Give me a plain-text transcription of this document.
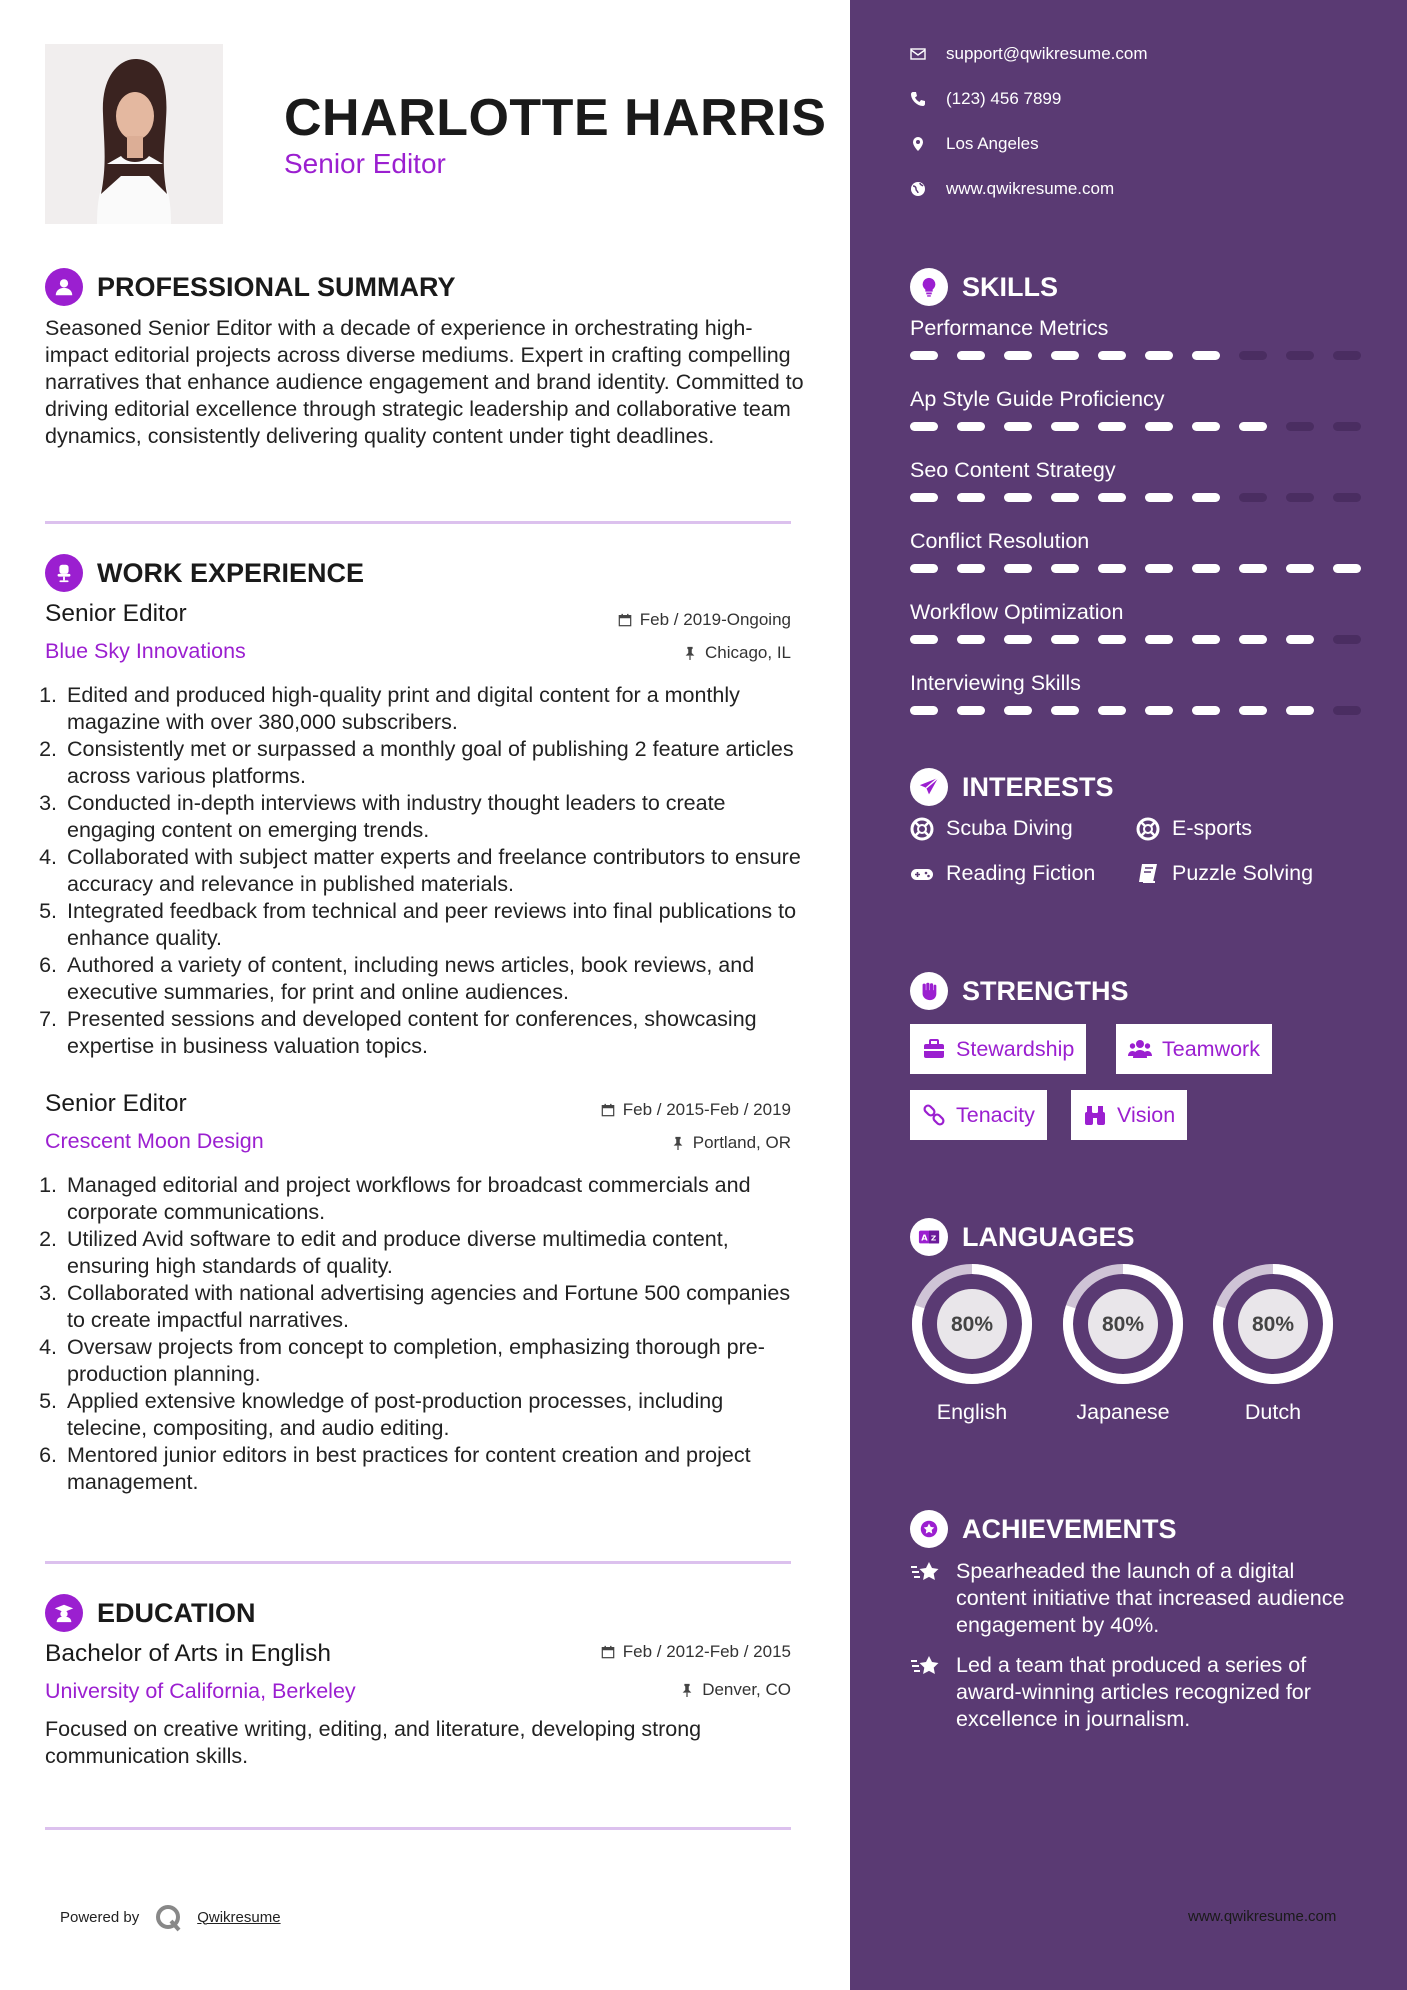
CHARLOTTE HARRIS
Senior Editor
PROFESSIONAL SUMMARY
Seasoned Senior Editor with a decade of experience in orchestrating high-impact editorial projects across diverse mediums. Expert in crafting compelling narratives that enhance audience engagement and brand identity. Committed to driving editorial excellence through strategic leadership and collaborative team dynamics, consistently delivering quality content under tight deadlines.
WORK EXPERIENCE
Senior Editor	Feb / 2019-Ongoing
Blue Sky Innovations	Chicago, IL
1. Edited and produced high-quality print and digital content for a monthly magazine with over 380,000 subscribers.
2. Consistently met or surpassed a monthly goal of publishing 2 feature articles across various platforms.
3. Conducted in-depth interviews with industry thought leaders to create engaging content on emerging trends.
4. Collaborated with subject matter experts and freelance contributors to ensure accuracy and relevance in published materials.
5. Integrated feedback from technical and peer reviews into final publications to enhance quality.
6. Authored a variety of content, including news articles, book reviews, and executive summaries, for print and online audiences.
7. Presented sessions and developed content for conferences, showcasing expertise in business valuation topics.
Senior Editor	Feb / 2015-Feb / 2019
Crescent Moon Design	Portland, OR
1. Managed editorial and project workflows for broadcast commercials and corporate communications.
2. Utilized Avid software to edit and produce diverse multimedia content, ensuring high standards of quality.
3. Collaborated with national advertising agencies and Fortune 500 companies to create impactful narratives.
4. Oversaw projects from concept to completion, emphasizing thorough pre-production planning.
5. Applied extensive knowledge of post-production processes, including telecine, compositing, and audio editing.
6. Mentored junior editors in best practices for content creation and project management.
EDUCATION
Bachelor of Arts in English	Feb / 2012-Feb / 2015
University of California, Berkeley	Denver, CO
Focused on creative writing, editing, and literature, developing strong communication skills.
Powered by	Qwikresume
support@qwikresume.com
(123) 456 7899
Los Angeles
www.qwikresume.com
SKILLS
Performance Metrics
Ap Style Guide Proficiency
Seo Content Strategy
Conflict Resolution
Workflow Optimization
Interviewing Skills
INTERESTS
Scuba Diving	E-sports
Reading Fiction	Puzzle Solving
STRENGTHS
Stewardship	Teamwork
Tenacity	Vision
A Z LANGUAGES
80%
English
80%
Japanese
80%
Dutch
ACHIEVEMENTS
Spearheaded the launch of a digital content initiative that increased audience engagement by 40%.
Led a team that produced a series of award-winning articles recognized for excellence in journalism.
www.qwikresume.com
